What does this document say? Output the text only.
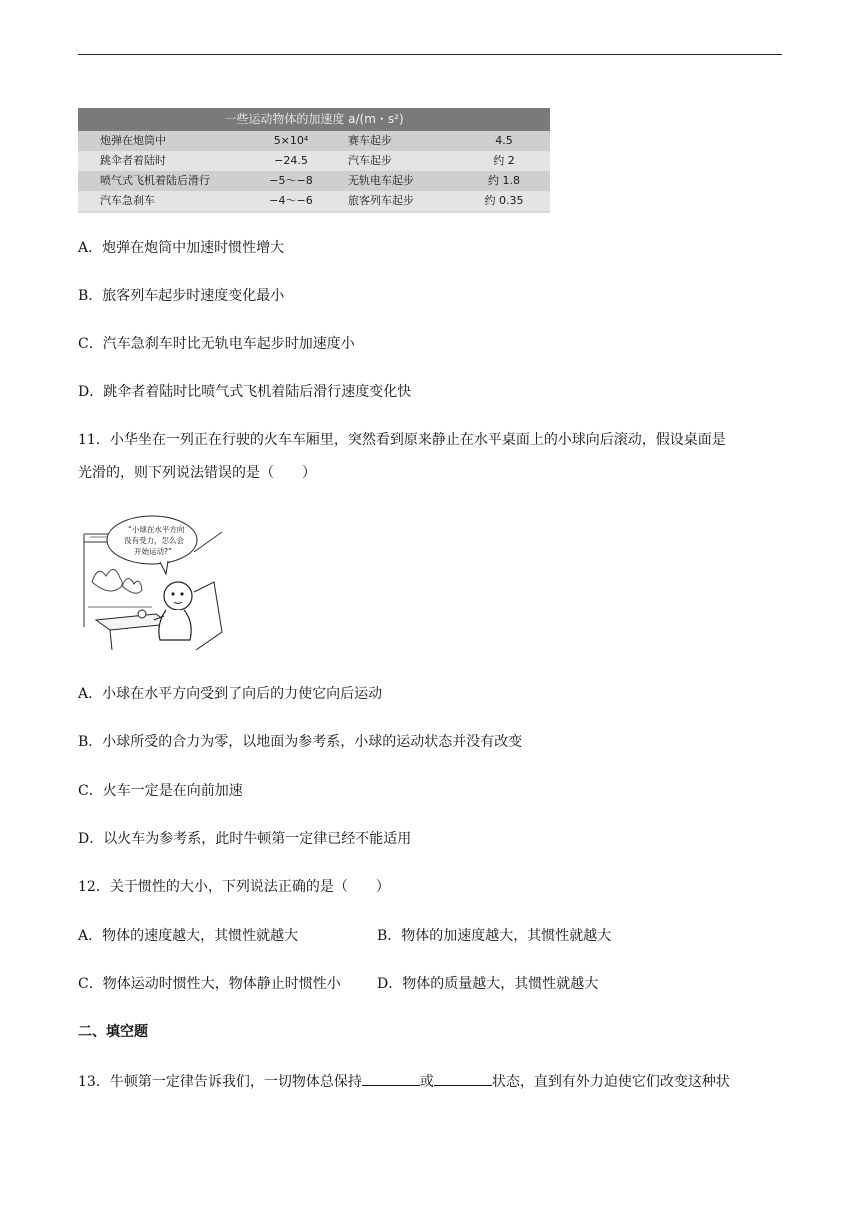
一些运动物体的加速度 a/(m・s²)
炮弹在炮筒中	5×10⁴	赛车起步	4.5
跳伞者着陆时	−24.5	汽车起步	约 2
喷气式飞机着陆后滑行	−5～−8	无轨电车起步	约 1.8
汽车急刹车	−4～−6	旅客列车起步	约 0.35
A．炮弹在炮筒中加速时惯性增大
B．旅客列车起步时速度变化最小
C．汽车急刹车时比无轨电车起步时加速度小
D．跳伞者着陆时比喷气式飞机着陆后滑行速度变化快
11．小华坐在一列正在行驶的火车车厢里，突然看到原来静止在水平桌面上的小球向后滚动，假设桌面是
光滑的，则下列说法错误的是（　　）
“小球在水平方向
没有受力，怎么会
开始运动?”
A．小球在水平方向受到了向后的力使它向后运动
B．小球所受的合力为零，以地面为参考系，小球的运动状态并没有改变
C．火车一定是在向前加速
D．以火车为参考系，此时牛顿第一定律已经不能适用
12．关于惯性的大小，下列说法正确的是（　　）
A．物体的速度越大，其惯性就越大	B．物体的加速度越大，其惯性就越大
C．物体运动时惯性大，物体静止时惯性小	D．物体的质量越大，其惯性就越大
二、填空题
13．牛顿第一定律告诉我们，一切物体总保持	或	状态，直到有外力迫使它们改变这种状
